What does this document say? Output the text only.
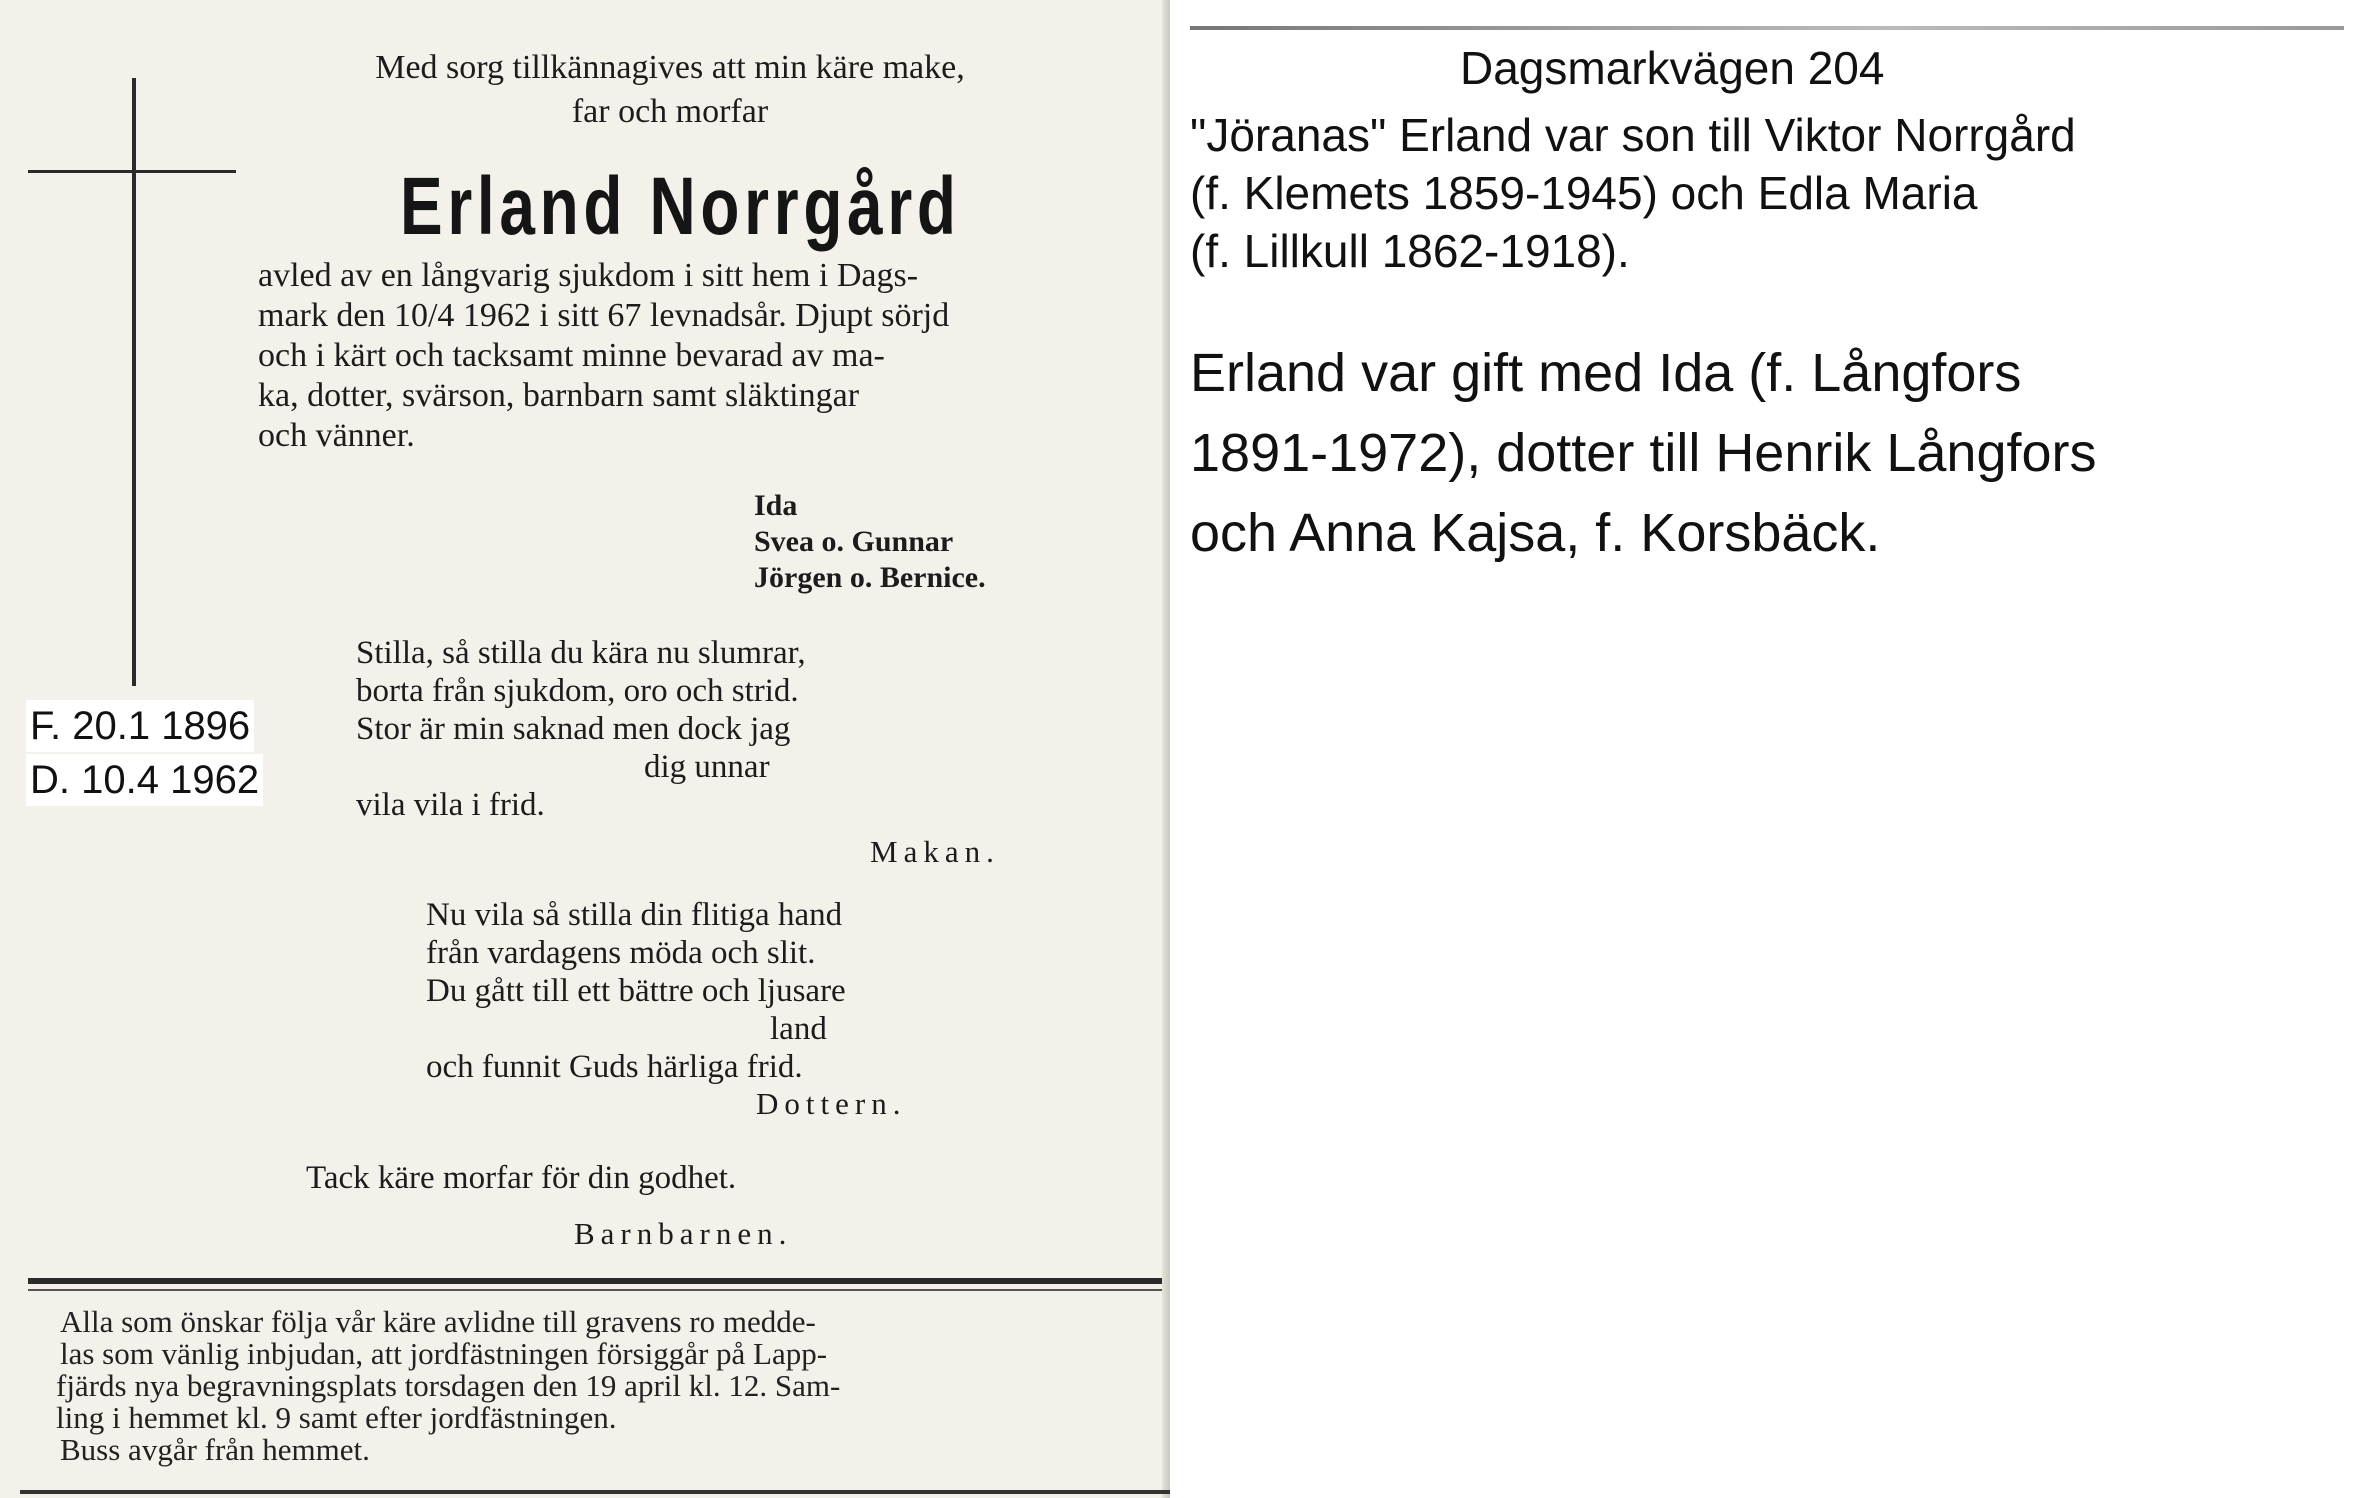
Med sorg tillkännagives att min käre make,
far och morfar
Erland Norrgård
avled av en långvarig sjukdom i sitt hem i Dags-
mark den 10/4 1962 i sitt 67 levnadsår. Djupt sörjd
och i kärt och tacksamt minne bevarad av ma-
ka, dotter, svärson, barnbarn samt släktingar
och vänner.
Ida
Svea o. Gunnar
Jörgen o. Bernice.
Stilla, så stilla du kära nu slumrar,
borta från sjukdom, oro och strid.
Stor är min saknad men dock jag
dig unnar
vila vila i frid.
Makan.
Nu vila så stilla din flitiga hand
från vardagens möda och slit.
Du gått till ett bättre och ljusare
land
och funnit Guds härliga frid.
Dottern.
Tack käre morfar för din godhet.
Barnbarnen.
Alla som önskar följa vår käre avlidne till gravens ro medde-
las som vänlig inbjudan, att jordfästningen försiggår på Lapp-
fjärds nya begravningsplats torsdagen den 19 april kl. 12. Sam-
ling i hemmet kl. 9 samt efter jordfästningen.
Buss avgår från hemmet.
F. 20.1 1896
D. 10.4 1962
Dagsmarkvägen 204
"Jöranas" Erland var son till Viktor Norrgård
(f. Klemets 1859-1945) och Edla Maria
(f. Lillkull 1862-1918).
Erland var gift med Ida (f. Långfors
1891-1972), dotter till Henrik Långfors
och Anna Kajsa, f. Korsbäck.
